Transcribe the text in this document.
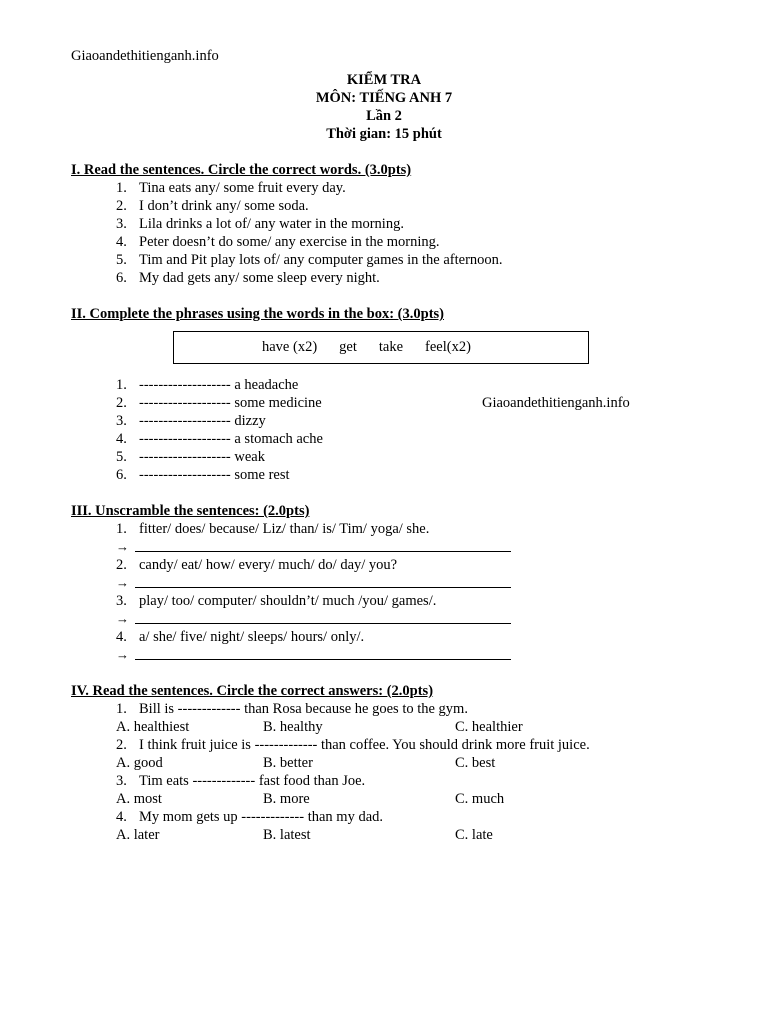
Giaoandethitienganh.info
KIỂM TRA
MÔN: TIẾNG ANH 7
Lần 2
Thời gian: 15 phút
I. Read the sentences. Circle the correct words. (3.0pts)
1. Tina eats any/ some fruit every day.
2. I don’t drink any/ some soda.
3. Lila drinks a lot of/ any water in the morning.
4. Peter doesn’t do some/ any exercise in the morning.
5. Tim and Pit play lots of/ any computer games in the afternoon.
6. My dad gets any/ some sleep every night.
II. Complete the phrases using the words in the box: (3.0pts)
have (x2) get take feel(x2)
1. ------------------- a headache
2. ------------------- some medicine
3. ------------------- dizzy
4. ------------------- a stomach ache
5. ------------------- weak
6. ------------------- some rest
Giaoandethitienganh.info
III. Unscramble the sentences: (2.0pts)
1. fitter/ does/ because/ Liz/ than/ is/ Tim/ yoga/ she.
→
2. candy/ eat/ how/ every/ much/ do/ day/ you?
→
3. play/ too/ computer/ shouldn’t/ much /you/ games/.
→
4. a/ she/ five/ night/ sleeps/ hours/ only/.
→
IV. Read the sentences. Circle the correct answers: (2.0pts)
1. Bill is ------------- than Rosa because he goes to the gym.
A. healthiest	B. healthy	C. healthier
2. I think fruit juice is ------------- than coffee. You should drink more fruit juice.
A. good	B. better	C. best
3. Tim eats ------------- fast food than Joe.
A. most	B. more	C. much
4. My mom gets up ------------- than my dad.
A. later	B. latest	C. late
